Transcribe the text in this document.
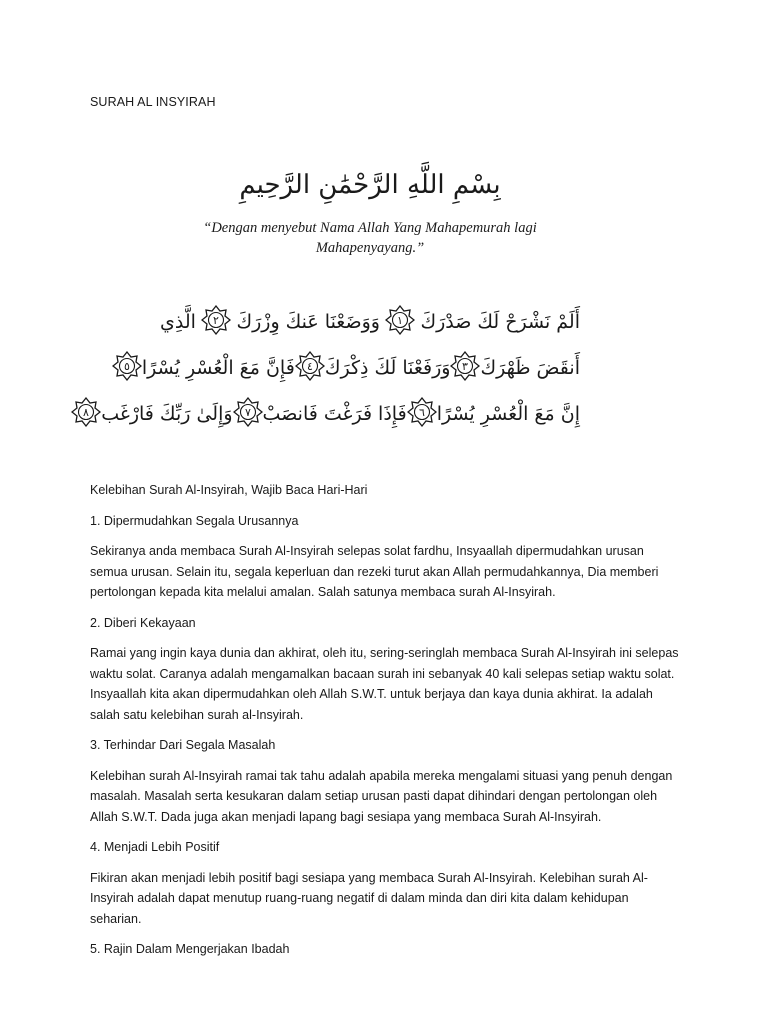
SURAH AL INSYIRAH
بِسْمِ اللَّهِ الرَّحْمَٰنِ الرَّحِيمِ
“Dengan menyebut Nama Allah Yang Mahapemurah lagi Mahapenyayang.”
أَلَمْ نَشْرَحْ لَكَ صَدْرَكَ
١
وَوَضَعْنَا عَنكَ وِزْرَكَ
٢
الَّذِي
أَنقَضَ ظَهْرَكَ
٣
وَرَفَعْنَا لَكَ ذِكْرَكَ
٤
فَإِنَّ مَعَ الْعُسْرِ يُسْرًا
٥
إِنَّ مَعَ الْعُسْرِ يُسْرًا
٦
فَإِذَا فَرَغْتَ فَانصَبْ
٧
وَإِلَىٰ رَبِّكَ فَارْغَب
٨

Kelebihan Surah Al-Insyirah, Wajib Baca Hari-Hari

1. Dipermudahkan Segala Urusannya

Sekiranya anda membaca Surah Al-Insyirah selepas solat fardhu, Insyaallah dipermudahkan urusan semua urusan. Selain itu, segala keperluan dan rezeki turut akan Allah permudahkannya, Dia memberi pertolongan kepada kita melalui amalan. Salah satunya membaca surah Al-Insyirah.

2. Diberi Kekayaan

Ramai yang ingin kaya dunia dan akhirat, oleh itu, sering-seringlah membaca Surah Al-Insyirah ini selepas waktu solat. Caranya adalah mengamalkan bacaan surah ini sebanyak 40 kali selepas setiap waktu solat. Insyaallah kita akan dipermudahkan oleh Allah S.W.T. untuk berjaya dan kaya dunia akhirat. Ia adalah salah satu kelebihan surah al-Insyirah.

3. Terhindar Dari Segala Masalah

Kelebihan surah Al-Insyirah ramai tak tahu adalah apabila mereka mengalami situasi yang penuh dengan masalah. Masalah serta kesukaran dalam setiap urusan pasti dapat dihindari dengan pertolongan oleh Allah S.W.T. Dada juga akan menjadi lapang bagi sesiapa yang membaca Surah Al-Insyirah.

4. Menjadi Lebih Positif

Fikiran akan menjadi lebih positif bagi sesiapa yang membaca Surah Al-Insyirah. Kelebihan surah Al-Insyirah adalah dapat menutup ruang-ruang negatif di dalam minda dan diri kita dalam kehidupan seharian.

5. Rajin Dalam Mengerjakan Ibadah
